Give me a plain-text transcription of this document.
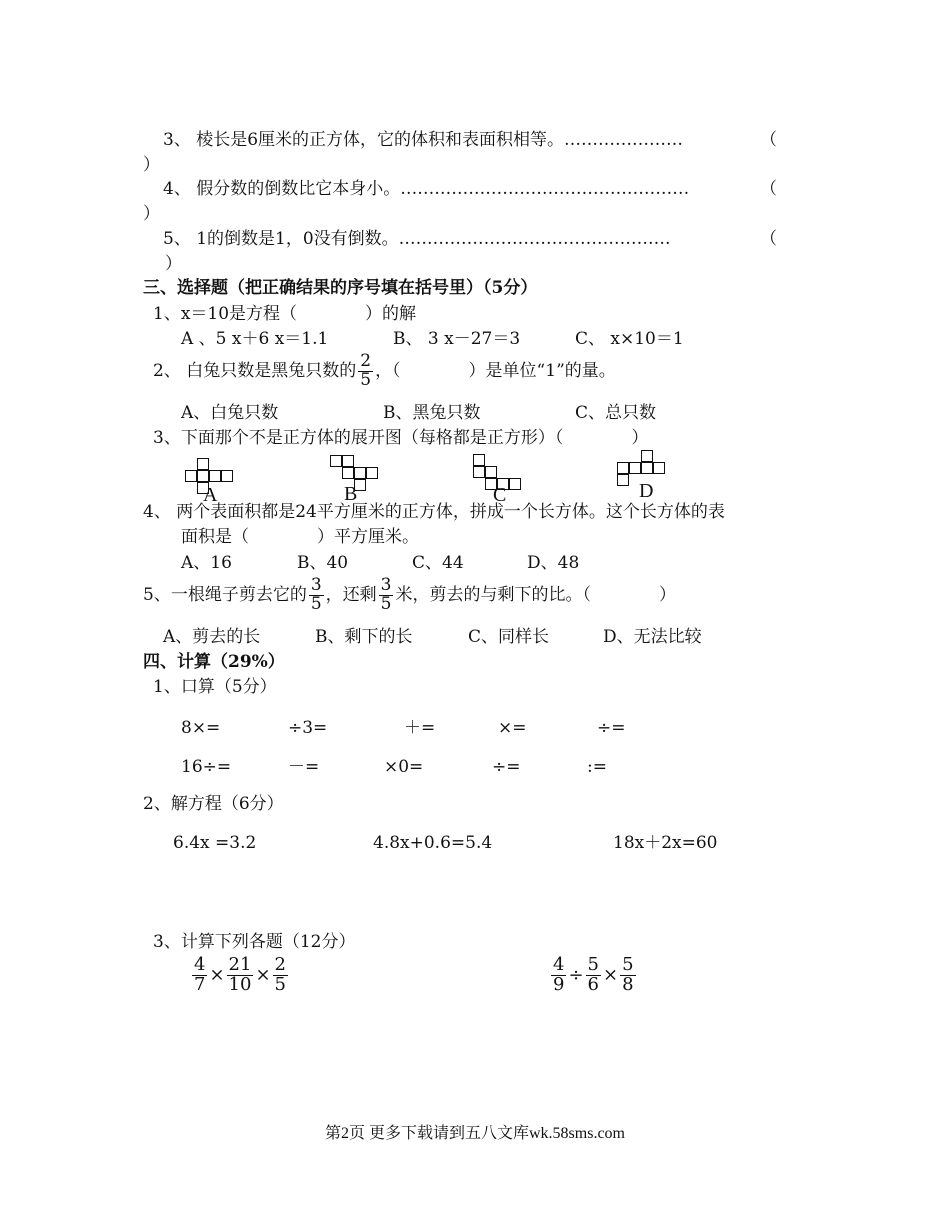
3、 棱长是6厘米的正方体，它的体积和表面积相等。…………………	（
）
4、 假分数的倒数比它本身小。……………………………………………	（
）
5、 1的倒数是1，0没有倒数。…………………………………………	（
）
三、选择题（把正确结果的序号填在括号里）（5分）
1、x＝10是方程（　　　　）的解
A 、5 x＋6 x＝1.1	B、 3 x－27＝3	C、 x×10＝1
2、 白兔只数是黑兔只数的 $\frac{2}{5}$ ，（　　　　）是单位“1”的量。
A、白兔只数	B、黑兔只数	C、总只数
3、下面那个不是正方体的展开图（每格都是正方形）（　　　　）
A	B	C	D
4、 两个表面积都是24平方厘米的正方体，拼成一个长方体。这个长方体的表
面积是（　　　　）平方厘米。
A、16	B、40	C、44	D、48
5、一根绳子剪去它的 $\frac{3}{5}$ ，还剩 $\frac{3}{5}$ 米，剪去的与剩下的比。（　　　　）
A、剪去的长	B、剩下的长	C、同样长	D、无法比较
四、计算（29%）
1、口算（5分）
8×=	÷3=	＋=	×=	÷=
16÷=	－=	×0=	÷=	:=
2、解方程（6分）
6.4x =3.2	4.8x+0.6=5.4	18x＋2x=60
3、计算下列各题（12分）
$\frac{4}{7} \times \frac{21}{10} \times \frac{2}{5}$	$\frac{4}{9} \div \frac{5}{6} \times \frac{5}{8}$
第2页 更多下载请到五八文库wk.58sms.com
